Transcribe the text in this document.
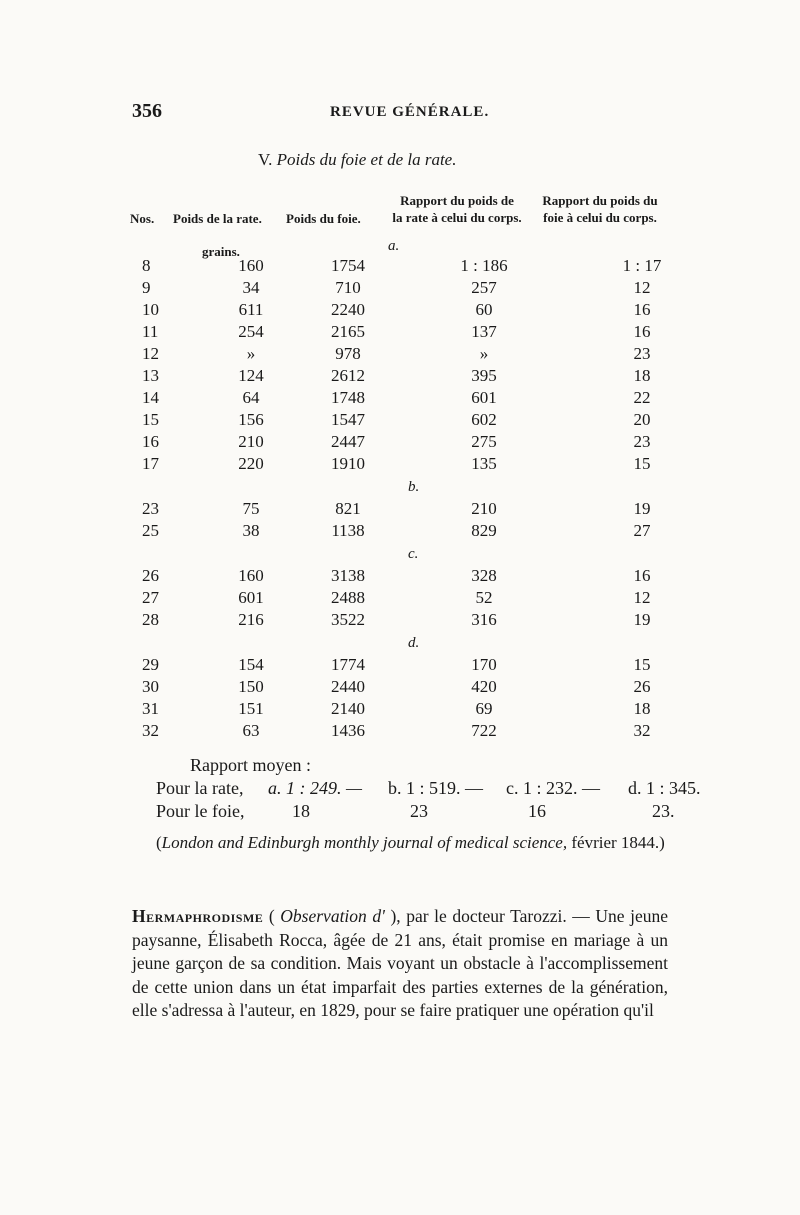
356	REVUE GÉNÉRALE.
V. Poids du foie et de la rate.
Nos. Poids de la rate. Poids du foie.
Rapport du poids de
la rate à celui du corps.
Rapport du poids du
foie à celui du corps.
grains.	a.
8	160	1754	1 : 186	1 : 17
9	34	710	257	12
10	611	2240	60	16
11	254	2165	137	16
12	»	978	»	23
13	124	2612	395	18
14	64	1748	601	22
15	156	1547	602	20
16	210	2447	275	23
17	220	1910	135	15
			b.	
23	75	821	210	19
25	38	1138	829	27
			c.	
26	160	3138	328	16
27	601	2488	52	12
28	216	3522	316	19
			d.	
29	154	1774	170	15
30	150	2440	420	26
31	151	2140	69	18
32	63	1436	722	32
Rapport moyen :
Pour la rate, a. 1 : 249. — b. 1 : 519. — c. 1 : 232. — d. 1 : 345.
Pour le foie,	18	23	16	23.
(London and Edinburgh monthly journal of medical science, février 1844.)
Hermaphrodisme ( Observation d' ), par le docteur Tarozzi. — Une jeune paysanne, Élisabeth Rocca, âgée de 21 ans, était promise en mariage à un jeune garçon de sa condition. Mais voyant un obstacle à l'accomplissement de cette union dans un état imparfait des parties externes de la génération, elle s'adressa à l'auteur, en 1829, pour se faire pratiquer une opération qu'il
